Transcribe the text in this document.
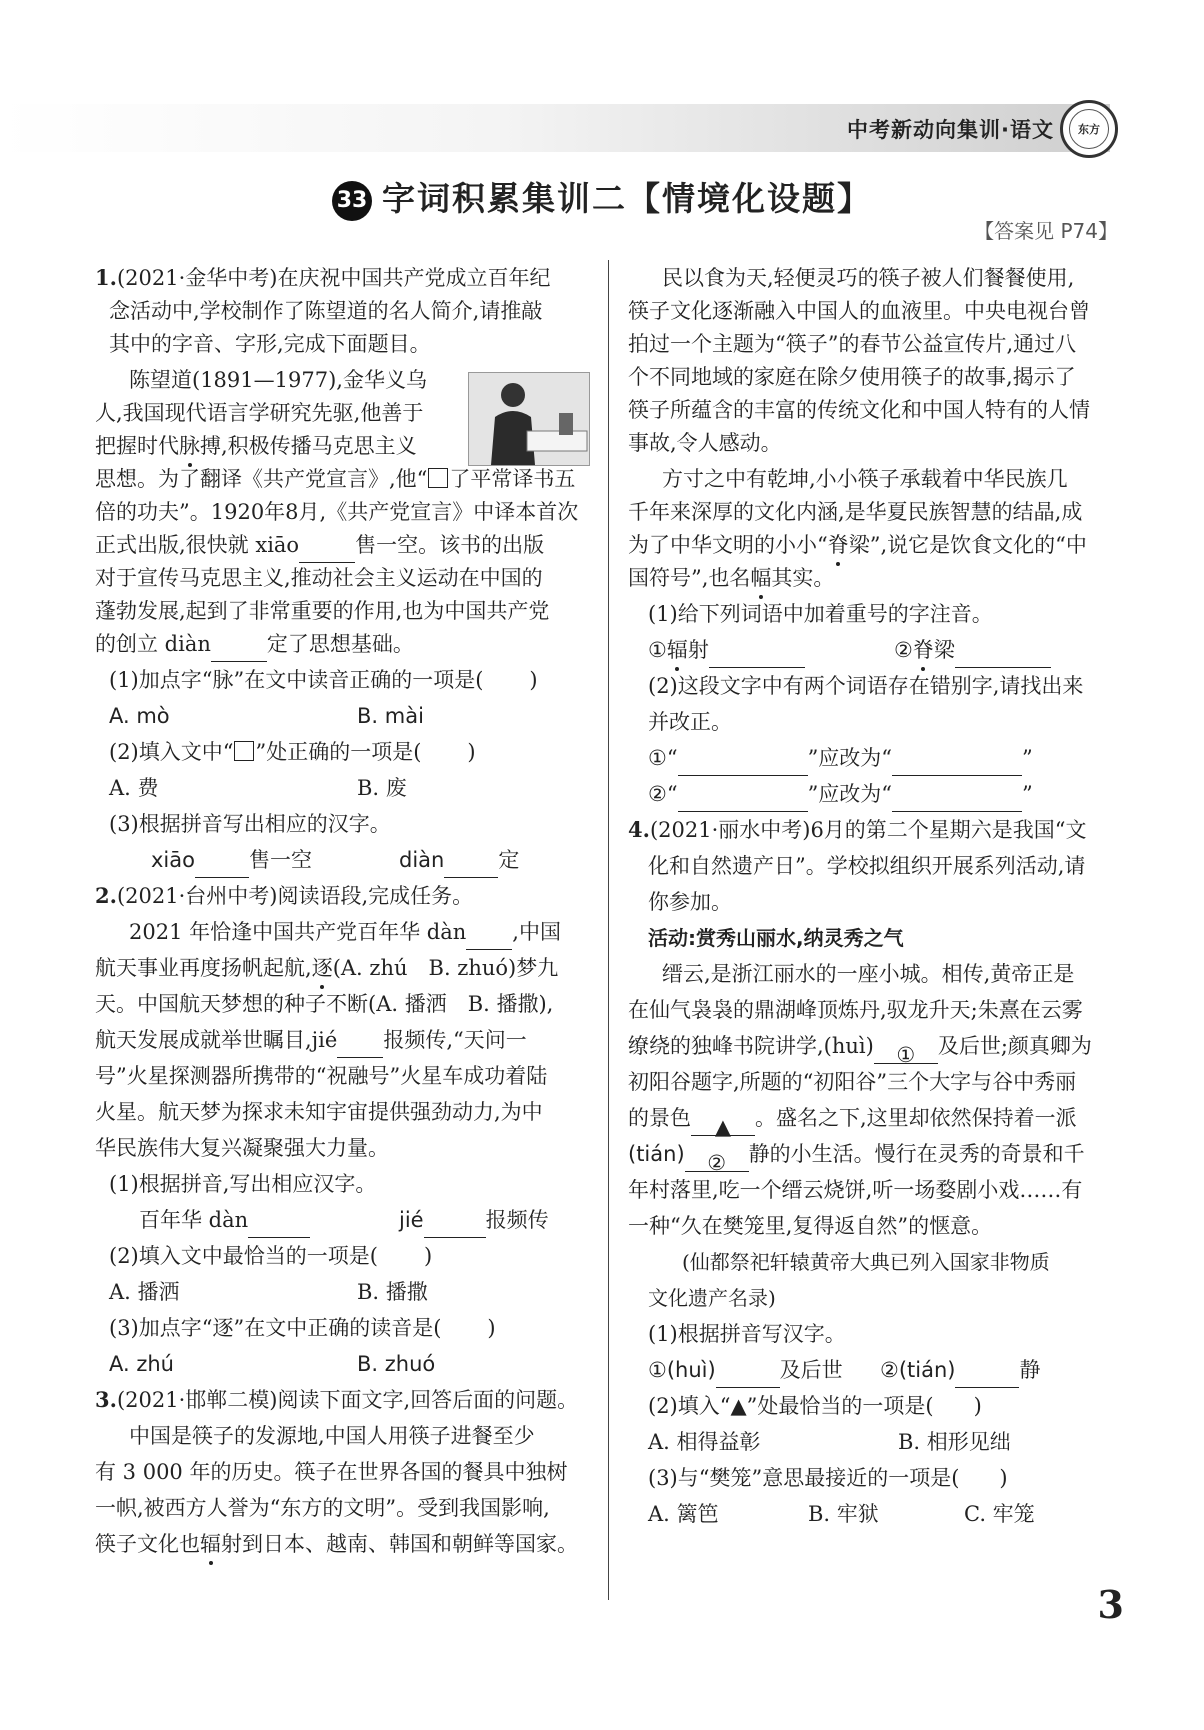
中考新动向集训·语文	东方
33 字词积累集训二【情境化设题】
【答案见 P74】
1.(2021·金华中考)在庆祝中国共产党成立百年纪
念活动中,学校制作了陈望道的名人简介,请推敲
其中的字音、字形,完成下面题目。
陈望道(1891—1977),金华义乌
人,我国现代语言学研究先驱,他善于
把握时代脉搏,积极传播马克思主义
思想。为了翻译《共产党宣言》,他“ 了平常译书五
倍的功夫”。1920年8月,《共产党宣言》中译本首次
正式出版,很快就 xiāo	售一空。该书的出版
对于宣传马克思主义,推动社会主义运动在中国的
蓬勃发展,起到了非常重要的作用,也为中国共产党
的创立 diàn	定了思想基础。
(1)加点字“脉”在文中读音正确的一项是( )
A. mò	B. mài
(2)填入文中“ ”处正确的一项是( )
A. 费	B. 废
(3)根据拼音写出相应的汉字。
xiāo	售一空	diàn	定
2.(2021·台州中考)阅读语段,完成任务。
2021 年恰逢中国共产党百年华 dàn ,中国
航天事业再度扬帆起航,逐(A. zhú　B. zhuó)梦九
天。中国航天梦想的种子不断(A. 播洒　B. 播撒),
航天发展成就举世瞩目,jié 报频传,“天问一
号”火星探测器所携带的“祝融号”火星车成功着陆
火星。航天梦为探求未知宇宙提供强劲动力,为中
华民族伟大复兴凝聚强大力量。
(1)根据拼音,写出相应汉字。
百年华 dàn	jié	报频传
(2)填入文中最恰当的一项是( )
A. 播洒	B. 播撒
(3)加点字“逐”在文中正确的读音是( )
A. zhú	B. zhuó
3.(2021·邯郸二模)阅读下面文字,回答后面的问题。
中国是筷子的发源地,中国人用筷子进餐至少
有 3 000 年的历史。筷子在世界各国的餐具中独树
一帜,被西方人誉为“东方的文明”。受到我国影响,
筷子文化也辐射到日本、越南、韩国和朝鲜等国家。
民以食为天,轻便灵巧的筷子被人们餐餐使用,
筷子文化逐渐融入中国人的血液里。中央电视台曾
拍过一个主题为“筷子”的春节公益宣传片,通过八
个不同地域的家庭在除夕使用筷子的故事,揭示了
筷子所蕴含的丰富的传统文化和中国人特有的人情
事故,令人感动。
方寸之中有乾坤,小小筷子承载着中华民族几
千年来深厚的文化内涵,是华夏民族智慧的结晶,成
为了中华文明的小小“脊梁”,说它是饮食文化的“中
国符号”,也名幅其实。
(1)给下列词语中加着重号的字注音。
①辐射	②脊梁
(2)这段文字中有两个词语存在错别字,请找出来
并改正。
①“	”应改为“	”
②“	”应改为“	”
4.(2021·丽水中考)6月的第二个星期六是我国“文
化和自然遗产日”。学校拟组织开展系列活动,请
你参加。
活动:赏秀山丽水,纳灵秀之气
缙云,是浙江丽水的一座小城。相传,黄帝正是
在仙气袅袅的鼎湖峰顶炼丹,驭龙升天;朱熹在云雾
缭绕的独峰书院讲学,(huì) ① 及后世;颜真卿为
初阳谷题字,所题的“初阳谷”三个大字与谷中秀丽
的景色 ▲ 。盛名之下,这里却依然保持着一派
(tián) ② 静的小生活。慢行在灵秀的奇景和千
年村落里,吃一个缙云烧饼,听一场婺剧小戏……有
一种“久在樊笼里,复得返自然”的惬意。
(仙都祭祀轩辕黄帝大典已列入国家非物质
文化遗产名录)
(1)根据拼音写汉字。
①(huì)	及后世 ②(tián)	静
(2)填入“▲”处最恰当的一项是( )
A. 相得益彰	B. 相形见绌
(3)与“樊笼”意思最接近的一项是( )
A. 篱笆	B. 牢狱	C. 牢笼
3
